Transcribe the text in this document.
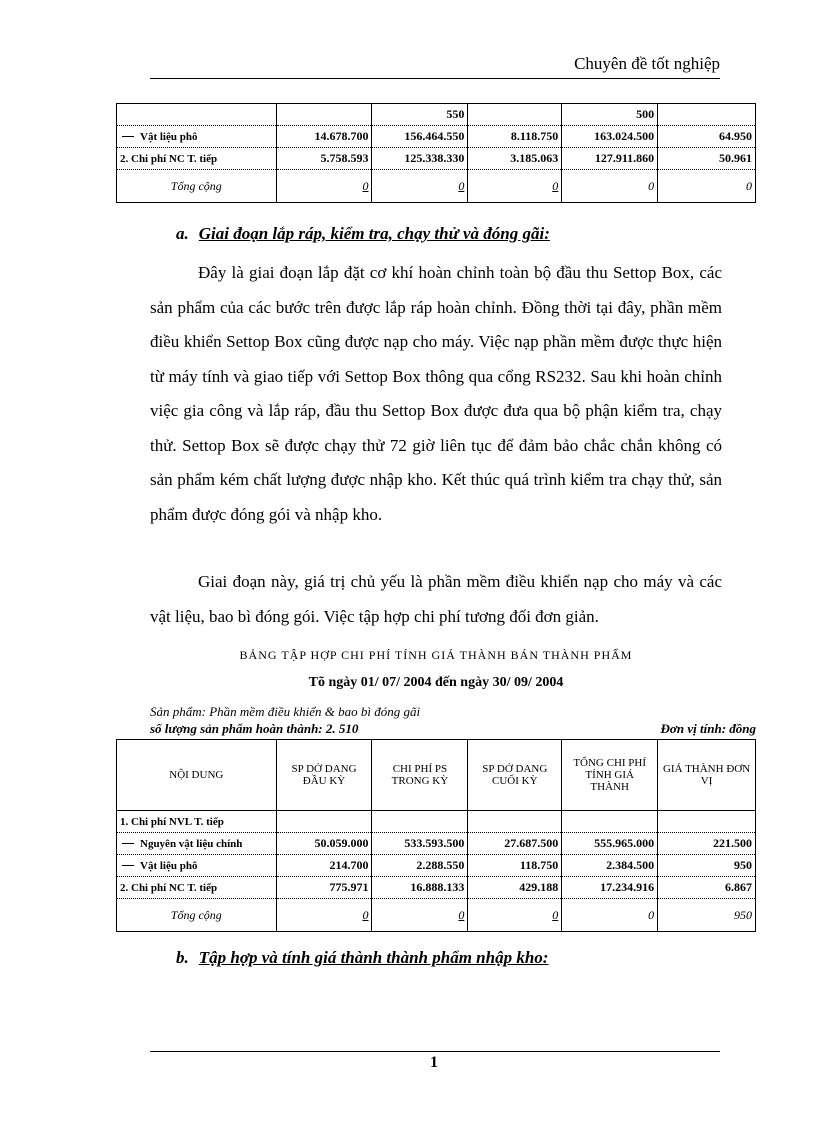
Chuyên đề tốt nghiệp
		550		500	
Vật liệu phô	14.678.700	156.464.550	8.118.750	163.024.500	64.950
2. Chi phí NC T. tiếp	5.758.593	125.338.330	3.185.063	127.911.860	50.961
Tổng cộng	0	0	0	0	0
a. Giai đoạn lắp ráp, kiểm tra, chạy thử và đóng gãi:

Đây là giai đoạn lắp đặt cơ khí hoàn chỉnh toàn bộ đầu thu Settop Box, các sản phẩm của các bước trên được lắp ráp hoàn chỉnh. Đồng thời tại đây, phần mềm điều khiển Settop Box cũng được nạp cho máy. Việc nạp phần mềm được thực hiện từ máy tính và giao tiếp với Settop Box thông qua cổng RS232. Sau khi hoàn chỉnh việc gia công và lắp ráp, đầu thu Settop Box được đưa qua bộ phận kiểm tra, chạy thử. Settop Box sẽ được chạy thử 72 giờ liên tục để đảm bảo chắc chắn không có sản phẩm kém chất lượng được nhập kho. Kết thúc quá trình kiểm tra chạy thử, sản phẩm được đóng gói và nhập kho.

Giai đoạn này, giá trị chủ yếu là phần mềm điều khiển nạp cho máy và các vật liệu, bao bì đóng gói. Việc tập hợp chi phí tương đối đơn giản.

BẢNG TẬP HỢP CHI PHÍ TÍNH GIÁ THÀNH BÁN THÀNH PHẨM
Tõ ngày 01/ 07/ 2004 đến ngày 30/ 09/ 2004
Sản phẩm: Phần mềm điều khiển & bao bì đóng gãi
số lượng sản phẩm hoàn thành: 2. 510	Đơn vị tính: đồng
NỘI DUNG	SP DỞ DANG ĐẦU KỲ	CHI PHÍ PS TRONG KỲ	SP DỞ DANG CUỐI KỲ	TỔNG CHI PHÍ TÍNH GIÁ THÀNH	GIÁ THÀNH ĐƠN VỊ
1. Chi phí NVL T. tiếp					
Nguyên vật liệu chính	50.059.000	533.593.500	27.687.500	555.965.000	221.500
Vật liệu phô	214.700	2.288.550	118.750	2.384.500	950
2. Chi phí NC T. tiếp	775.971	16.888.133	429.188	17.234.916	6.867
Tổng cộng	0	0	0	0	950
b. Tập hợp và tính giá thành thành phẩm nhập kho:
1
